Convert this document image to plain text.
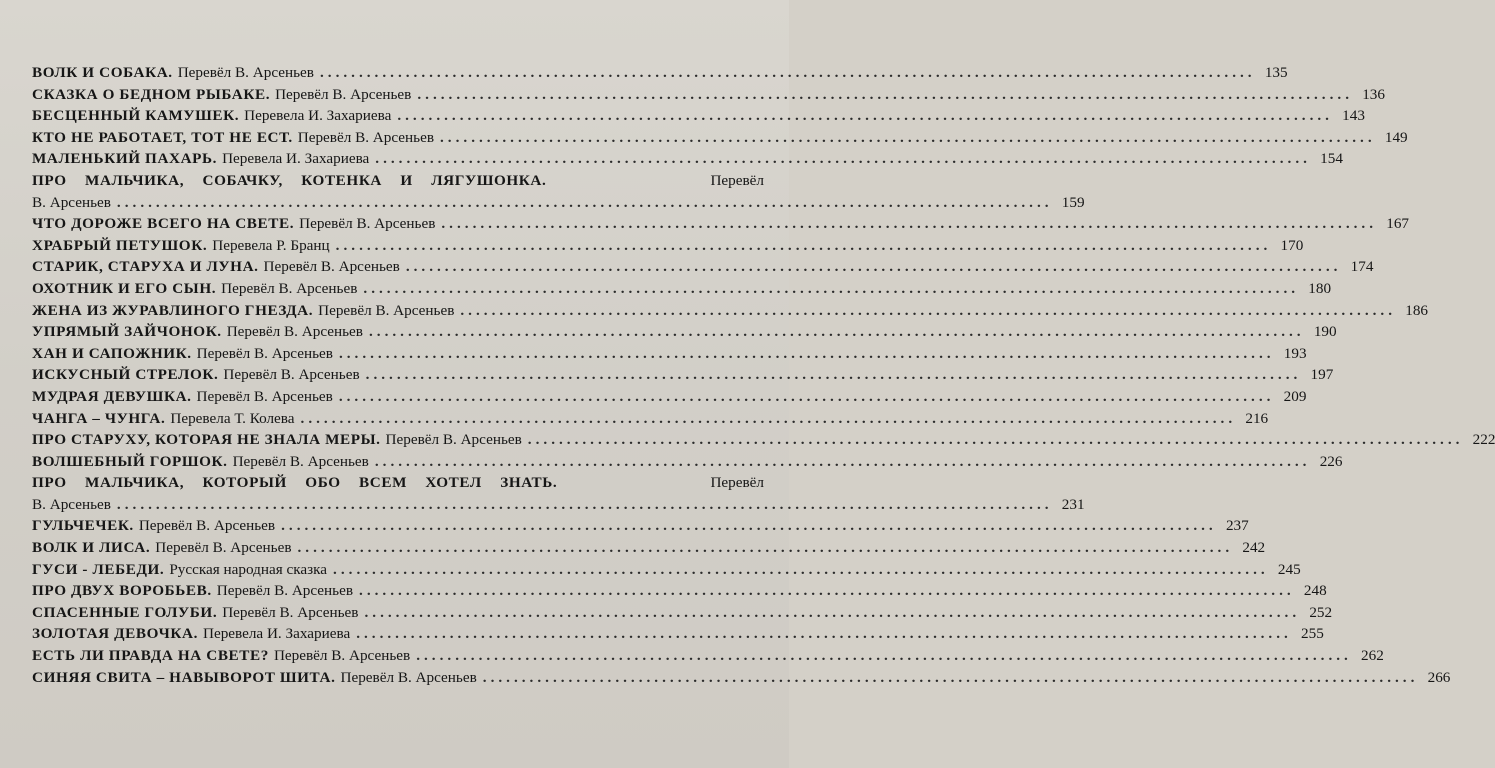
ВОЛК И СОБАКА. Перевёл В. Арсеньев ........................................................................................................................ 135
СКАЗКА О БЕДНОМ РЫБАКЕ. Перевёл В. Арсеньев ........................................................................................................................ 136
БЕСЦЕННЫЙ КАМУШЕК. Перевела И. Захариева ........................................................................................................................ 143
КТО НЕ РАБОТАЕТ, ТОТ НЕ ЕСТ. Перевёл В. Арсеньев ........................................................................................................................ 149
МАЛЕНЬКИЙ ПАХАРЬ. Перевела И. Захариева ........................................................................................................................ 154
ПРО МАЛЬЧИКА, СОБАЧКУ, КОТЕНКА И ЛЯГУШОНКА.	Перевёл
В. Арсеньев ........................................................................................................................ 159
ЧТО ДОРОЖЕ ВСЕГО НА СВЕТЕ. Перевёл В. Арсеньев ........................................................................................................................ 167
ХРАБРЫЙ ПЕТУШОК. Перевела Р. Бранц ........................................................................................................................ 170
СТАРИК, СТАРУХА И ЛУНА. Перевёл В. Арсеньев ........................................................................................................................ 174
ОХОТНИК И ЕГО СЫН. Перевёл В. Арсеньев ........................................................................................................................ 180
ЖЕНА ИЗ ЖУРАВЛИНОГО ГНЕЗДА. Перевёл В. Арсеньев ........................................................................................................................ 186
УПРЯМЫЙ ЗАЙЧОНОК. Перевёл В. Арсеньев ........................................................................................................................ 190
ХАН И САПОЖНИК. Перевёл В. Арсеньев ........................................................................................................................ 193
ИСКУСНЫЙ СТРЕЛОК. Перевёл В. Арсеньев ........................................................................................................................ 197
МУДРАЯ ДЕВУШКА. Перевёл В. Арсеньев ........................................................................................................................ 209
ЧАНГА – ЧУНГА. Перевела Т. Колева ........................................................................................................................ 216
ПРО СТАРУХУ, КОТОРАЯ НЕ ЗНАЛА МЕРЫ. Перевёл В. Арсеньев ........................................................................................................................ 222
ВОЛШЕБНЫЙ ГОРШОК. Перевёл В. Арсеньев ........................................................................................................................ 226
ПРО МАЛЬЧИКА, КОТОРЫЙ ОБО ВСЕМ ХОТЕЛ ЗНАТЬ.	Перевёл
В. Арсеньев ........................................................................................................................ 231
ГУЛЬЧЕЧЕК. Перевёл В. Арсеньев ........................................................................................................................ 237
ВОЛК И ЛИСА. Перевёл В. Арсеньев ........................................................................................................................ 242
ГУСИ - ЛЕБЕДИ. Русская народная сказка ........................................................................................................................ 245
ПРО ДВУХ ВОРОБЬЕВ. Перевёл В. Арсеньев ........................................................................................................................ 248
СПАСЕННЫЕ ГОЛУБИ. Перевёл В. Арсеньев ........................................................................................................................ 252
ЗОЛОТАЯ ДЕВОЧКА. Перевела И. Захариева ........................................................................................................................ 255
ЕСТЬ ЛИ ПРАВДА НА СВЕТЕ? Перевёл В. Арсеньев ........................................................................................................................ 262
СИНЯЯ СВИТА – НАВЫВОРОТ ШИТА. Перевёл В. Арсеньев ........................................................................................................................ 266
